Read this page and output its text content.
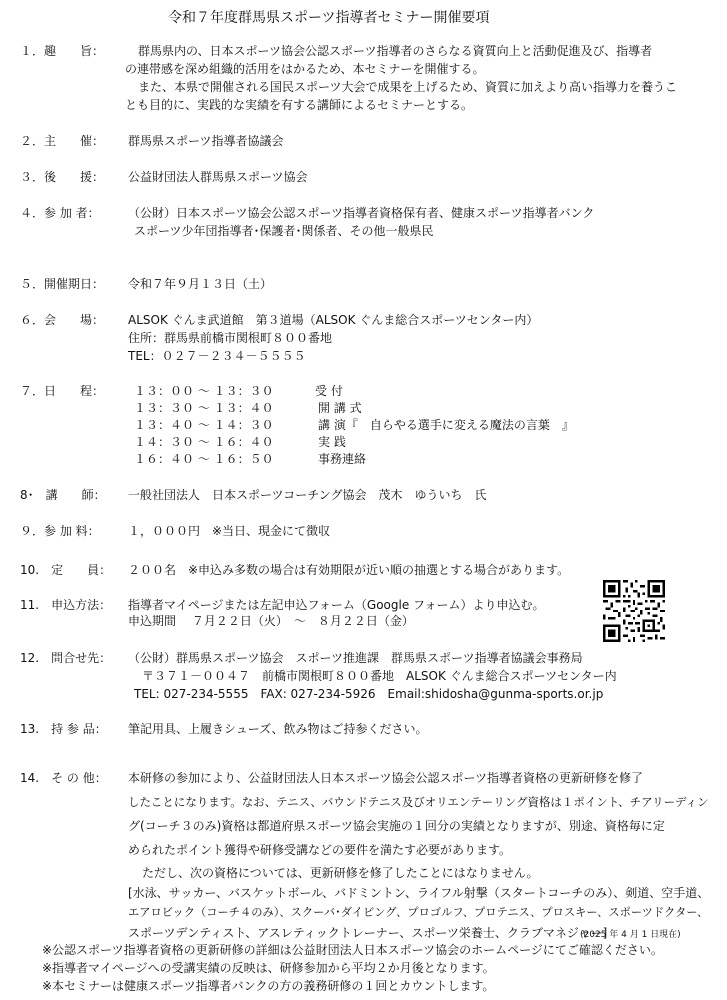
令和７年度群馬県スポーツ指導者セミナー開催要項
１．趣　　旨：	群馬県内の、日本スポーツ協会公認スポーツ指導者のさらなる資質向上と活動促進及び、指導者
の連帯感を深め組織的活用をはかるため、本セミナーを開催する。
また、本県で開催される国民スポーツ大会で成果を上げるため、資質に加えより高い指導力を養うこ
とも目的に、実践的な実績を有する講師によるセミナーとする。
２．主　　催： 群馬県スポーツ指導者協議会
３．後　　援： 公益財団法人群馬県スポーツ協会
４．参 加 者： （公財）日本スポーツ協会公認スポーツ指導者資格保有者、健康スポーツ指導者バンク
スポーツ少年団指導者･保護者･関係者、その他一般県民
５．開催期日： 令和７年９月１３日（土）
６．会　　場： ALSOK ぐんま武道館　第３道場（ALSOK ぐんま総合スポーツセンター内）
住所：群馬県前橋市関根町８００番地
TEL：０２７－２３４－５５５５
７．日　　程： １３：００ ～ １３：３０	受 付
１３：３０ ～ １３：４０	開 講 式
１３：４０ ～ １４：３０	講 演『　自らやる選手に変える魔法の言葉　』
１４：３０ ～ １６：４０	実 践
１６：４０ ～ １６：５０	事務連絡
8･　講　　師： 一般社団法人　日本スポーツコーチング協会　茂木　ゆういち　氏
９．参 加 料： １，０００円　※当日、現金にて徴収
10.　定　　員： ２００名　※申込み多数の場合は有効期限が近い順の抽選とする場合があります。
11.　申込方法： 指導者マイページまたは左記申込フォーム（Google フォーム）より申込む。
申込期間　 ７月２２日（火）　～　８月２２日（金）
12.　問合せ先： （公財）群馬県スポーツ協会　スポーツ推進課　群馬県スポーツ指導者協議会事務局
〒３７１－００４７　前橋市関根町８００番地　ALSOK ぐんま総合スポーツセンター内
TEL: 027-234-5555　FAX: 027-234-5926　Email:shidosha@gunma-sports.or.jp
13.　持 参 品： 筆記用具、上履きシューズ、飲み物はご持参ください。
14.　そ の 他： 本研修の参加により、公益財団法人日本スポーツ協会公認スポーツ指導者資格の更新研修を修了
したことになります。なお、テニス、バウンドテニス及びオリエンテーリング資格は１ポイント、チアリーディン
グ(コーチ３のみ)資格は都道府県スポーツ協会実施の１回分の実績となりますが、別途、資格毎に定
められたポイント獲得や研修受講などの要件を満たす必要があります。
ただし、次の資格については、更新研修を修了したことにはなりません。
[水泳、サッカー、バスケットボール、バドミントン、ライフル射撃（スタートコーチのみ）、剣道、空手道、
エアロビック（コーチ４のみ）、スクーバ･ダイビング、プロゴルフ、プロテニス、プロスキー、スポーツドクター、
スポーツデンティスト、アスレティックトレーナー、スポーツ栄養士、クラブマネジャー]
(2025 年 4 月 1 日現在)
※公認スポーツ指導者資格の更新研修の詳細は公益財団法人日本スポーツ協会のホームページにてご確認ください。
※指導者マイページへの受講実績の反映は、研修参加から平均２か月後となります。
※本セミナーは健康スポーツ指導者バンクの方の義務研修の１回とカウントします。
